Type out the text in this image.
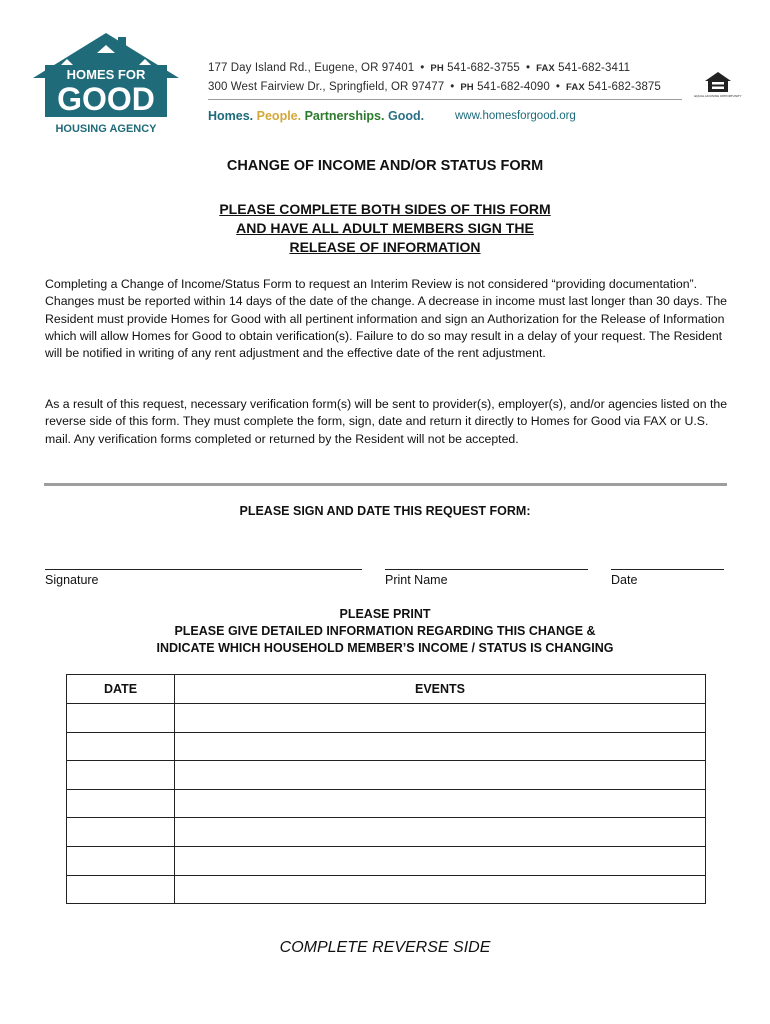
HOMES FOR
GOOD
HOUSING AGENCY
177 Day Island Rd., Eugene, OR 97401 • PH 541-682-3755 • FAX 541-682-3411
300 West Fairview Dr., Springfield, OR 97477 • PH 541-682-4090 • FAX 541-682-3875
Homes. People. Partnerships. Good.	www.homesforgood.org
EQUAL HOUSING OPPORTUNITY
CHANGE OF INCOME AND/OR STATUS FORM
PLEASE COMPLETE BOTH SIDES OF THIS FORM
AND HAVE ALL ADULT MEMBERS SIGN THE
RELEASE OF INFORMATION
Completing a Change of Income/Status Form to request an Interim Review is not considered “providing documentation”. Changes must be reported within 14 days of the date of the change. A decrease in income must last longer than 30 days. The Resident must provide Homes for Good with all pertinent information and sign an Authorization for the Release of Information which will allow Homes for Good to obtain verification(s). Failure to do so may result in a delay of your request. The Resident will be notified in writing of any rent adjustment and the effective date of the rent adjustment.
As a result of this request, necessary verification form(s) will be sent to provider(s), employer(s), and/or agencies listed on the reverse side of this form. They must complete the form, sign, date and return it directly to Homes for Good via FAX or U.S. mail. Any verification forms completed or returned by the Resident will not be accepted.
PLEASE SIGN AND DATE THIS REQUEST FORM:
Signature	Print Name	Date
PLEASE PRINT
PLEASE GIVE DETAILED INFORMATION REGARDING THIS CHANGE &
INDICATE WHICH HOUSEHOLD MEMBER’S INCOME / STATUS IS CHANGING
DATE	EVENTS

COMPLETE REVERSE SIDE
